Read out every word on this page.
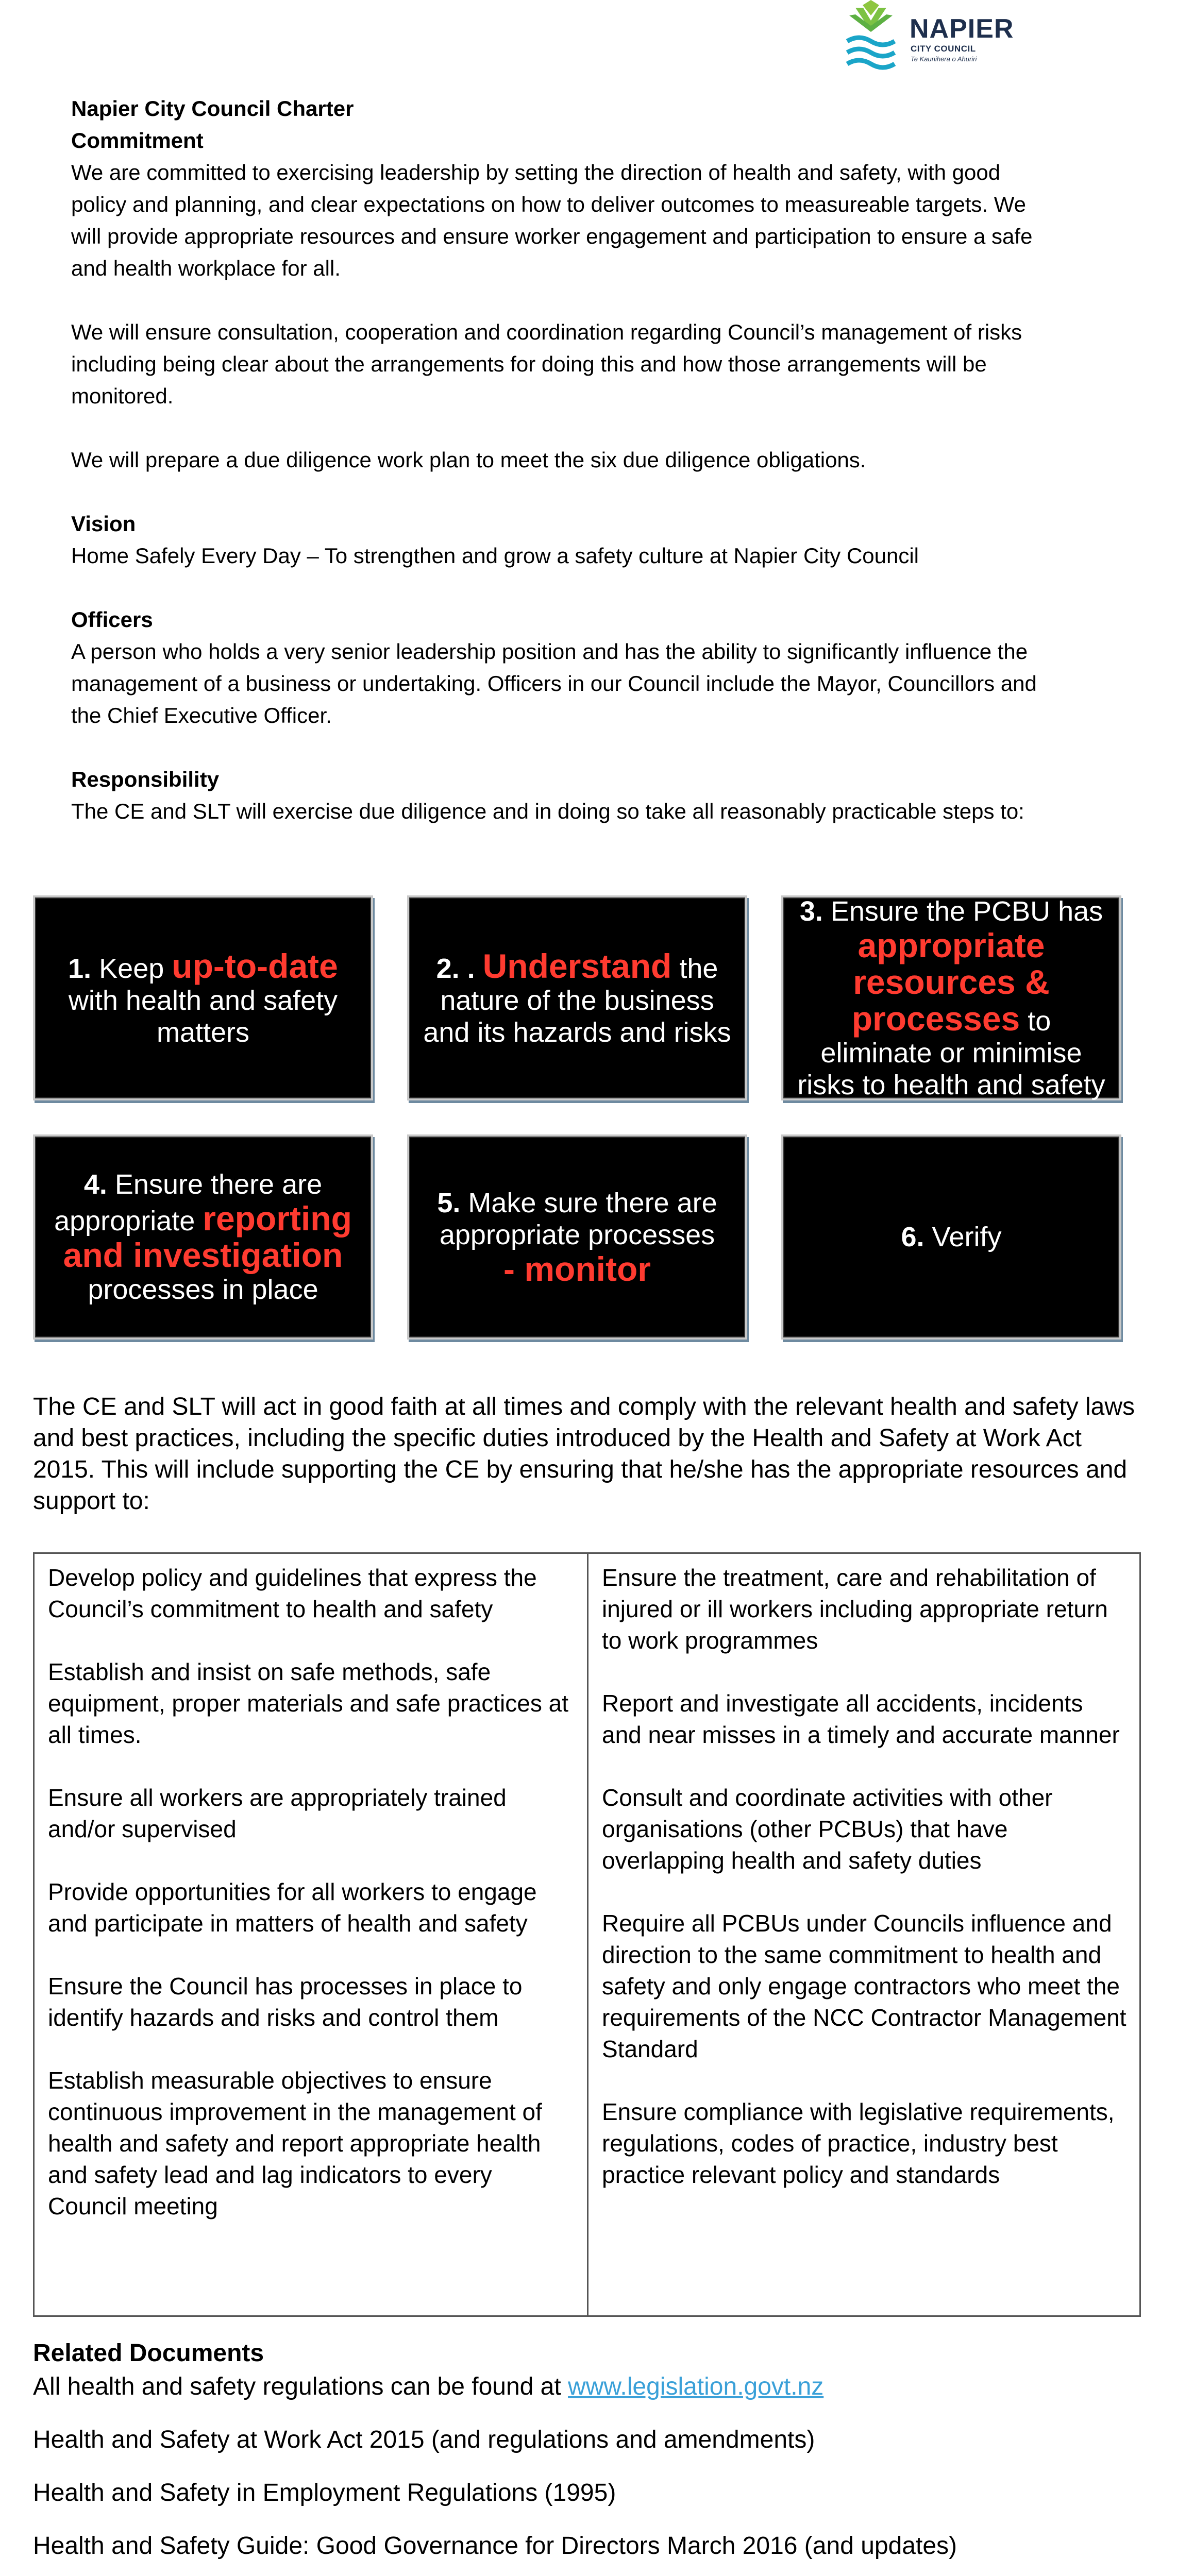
NAPIER
CITY COUNCIL
Te Kaunihera o Ahuriri

Napier City Council Charter

Commitment

We are committed to exercising leadership by setting the direction of health and safety, with good policy and planning, and clear expectations on how to deliver outcomes to measureable targets. We will provide appropriate resources and ensure worker engagement and participation to ensure a safe and health workplace for all.

We will ensure consultation, cooperation and coordination regarding Council’s management of risks including being clear about the arrangements for doing this and how those arrangements will be monitored.

We will prepare a due diligence work plan to meet the six due diligence obligations.

Vision

Home Safely Every Day – To strengthen and grow a safety culture at Napier City Council

Officers

A person who holds a very senior leadership position and has the ability to significantly influence the management of a business or undertaking. Officers in our Council include the Mayor, Councillors and the Chief Executive Officer.

Responsibility

The CE and SLT will exercise due diligence and in doing so take all reasonably practicable steps to:

1. Keep up-to-date
with health and safety matters
2. . Understand the nature of the business and its hazards and risks
3. Ensure the PCBU has
appropriate resources & processes to eliminate or minimise risks to health and safety
4. Ensure there are appropriate reporting and investigation
processes in place
5. Make sure there are appropriate processes
- monitor
6. Verify

The CE and SLT will act in good faith at all times and comply with the relevant health and safety laws and best practices, including the specific duties introduced by the Health and Safety at Work Act 2015. This will include supporting the CE by ensuring that he/she has the appropriate resources and support to:

Develop policy and guidelines that express the Council’s commitment to health and safety

Establish and insist on safe methods, safe equipment, proper materials and safe practices at all times.

Ensure all workers are appropriately trained and/or supervised

Provide opportunities for all workers to engage and participate in matters of health and safety

Ensure the Council has processes in place to identify hazards and risks and control them

Establish measurable objectives to ensure continuous improvement in the management of health and safety and report appropriate health and safety lead and lag indicators to every Council meeting

Ensure the treatment, care and rehabilitation of injured or ill workers including appropriate return to work programmes

Report and investigate all accidents, incidents and near misses in a timely and accurate manner

Consult and coordinate activities with other organisations (other PCBUs) that have overlapping health and safety duties

Require all PCBUs under Councils influence and direction to the same commitment to health and safety and only engage contractors who meet the requirements of the NCC Contractor Management Standard

Ensure compliance with legislative requirements, regulations, codes of practice, industry best practice relevant policy and standards

Related Documents

All health and safety regulations can be found at www.legislation.govt.nz

Health and Safety at Work Act 2015 (and regulations and amendments)

Health and Safety in Employment Regulations (1995)

Health and Safety Guide: Good Governance for Directors March 2016 (and updates)
